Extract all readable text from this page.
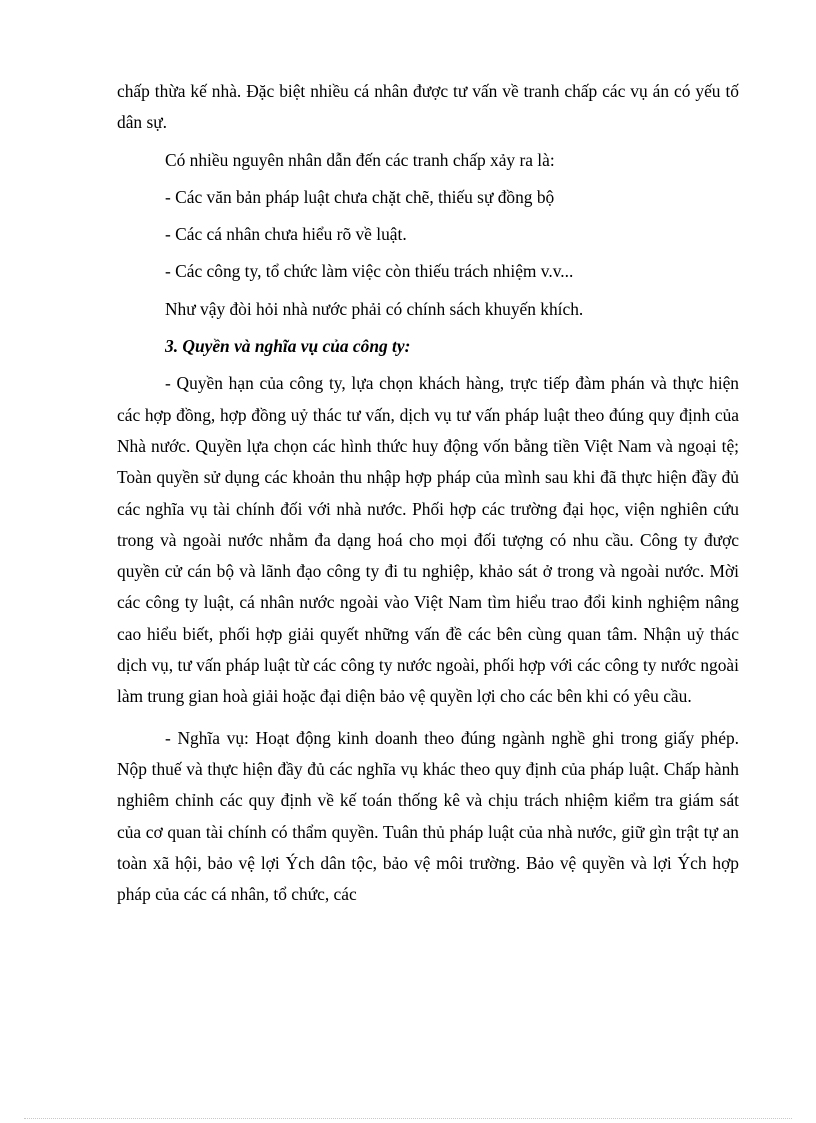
chấp thừa kế nhà. Đặc biệt nhiều cá nhân được tư vấn về tranh chấp các vụ án có yếu tố dân sự.

Có nhiều nguyên nhân dẫn đến các tranh chấp xảy ra là:

- Các văn bản pháp luật chưa chặt chẽ, thiếu sự đồng bộ

- Các cá nhân chưa hiểu rõ về luật.

- Các công ty, tổ chức làm việc còn thiếu trách nhiệm v.v...

Như vậy đòi hỏi nhà nước phải có chính sách khuyến khích.

3. Quyền và nghĩa vụ của công ty:

- Quyền hạn của công ty, lựa chọn khách hàng, trực tiếp đàm phán và thực hiện các hợp đồng, hợp đồng uỷ thác tư vấn, dịch vụ tư vấn pháp luật theo đúng quy định của Nhà nước. Quyền lựa chọn các hình thức huy động vốn bằng tiền Việt Nam và ngoại tệ; Toàn quyền sử dụng các khoản thu nhập hợp pháp của mình sau khi đã thực hiện đầy đủ các nghĩa vụ tài chính đối với nhà nước. Phối hợp các trường đại học, viện nghiên cứu trong và ngoài nước nhằm đa dạng hoá cho mọi đối tượng có nhu cầu. Công ty được quyền cử cán bộ và lãnh đạo công ty đi tu nghiệp, khảo sát ở trong và ngoài nước. Mời các công ty luật, cá nhân nước ngoài vào Việt Nam tìm hiểu trao đổi kinh nghiệm nâng cao hiểu biết, phối hợp giải quyết những vấn đề các bên cùng quan tâm. Nhận uỷ thác dịch vụ, tư vấn pháp luật từ các công ty nước ngoài, phối hợp với các công ty nước ngoài làm trung gian hoà giải hoặc đại diện bảo vệ quyền lợi cho các bên khi có yêu cầu.

- Nghĩa vụ: Hoạt động kinh doanh theo đúng ngành nghề ghi trong giấy phép. Nộp thuế và thực hiện đầy đủ các nghĩa vụ khác theo quy định của pháp luật. Chấp hành nghiêm chỉnh các quy định về kế toán thống kê và chịu trách nhiệm kiểm tra giám sát của cơ quan tài chính có thẩm quyền. Tuân thủ pháp luật của nhà nước, giữ gìn trật tự an toàn xã hội, bảo vệ lợi Ých dân tộc, bảo vệ môi trường. Bảo vệ quyền và lợi Ých hợp pháp của các cá nhân, tổ chức, các
